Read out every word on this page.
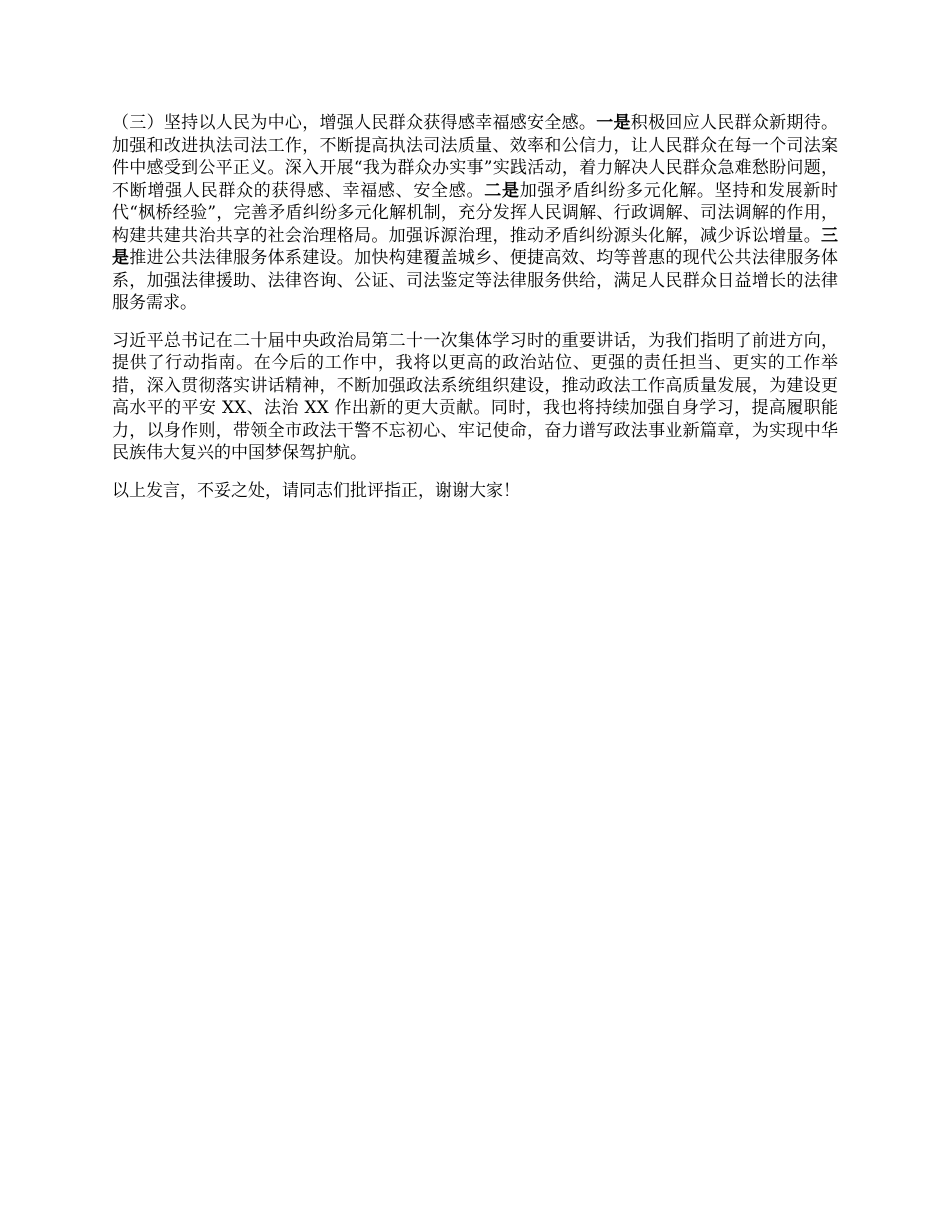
（三）坚持以人民为中心，增强人民群众获得感幸福感安全感。一是积极回应人民群众新期待。加强和改进执法司法工作，不断提高执法司法质量、效率和公信力，让人民群众在每一个司法案件中感受到公平正义。深入开展“我为群众办实事”实践活动，着力解决人民群众急难愁盼问题，不断增强人民群众的获得感、幸福感、安全感。二是加强矛盾纠纷多元化解。坚持和发展新时代“枫桥经验”，完善矛盾纠纷多元化解机制，充分发挥人民调解、行政调解、司法调解的作用，构建共建共治共享的社会治理格局。加强诉源治理，推动矛盾纠纷源头化解，减少诉讼增量。三是推进公共法律服务体系建设。加快构建覆盖城乡、便捷高效、均等普惠的现代公共法律服务体系，加强法律援助、法律咨询、公证、司法鉴定等法律服务供给，满足人民群众日益增长的法律服务需求。

习近平总书记在二十届中央政治局第二十一次集体学习时的重要讲话，为我们指明了前进方向，提供了行动指南。在今后的工作中，我将以更高的政治站位、更强的责任担当、更实的工作举措，深入贯彻落实讲话精神，不断加强政法系统组织建设，推动政法工作高质量发展，为建设更高水平的平安 XX、法治 XX 作出新的更大贡献。同时，我也将持续加强自身学习，提高履职能力，以身作则，带领全市政法干警不忘初心、牢记使命，奋力谱写政法事业新篇章，为实现中华民族伟大复兴的中国梦保驾护航。

以上发言，不妥之处，请同志们批评指正，谢谢大家！
